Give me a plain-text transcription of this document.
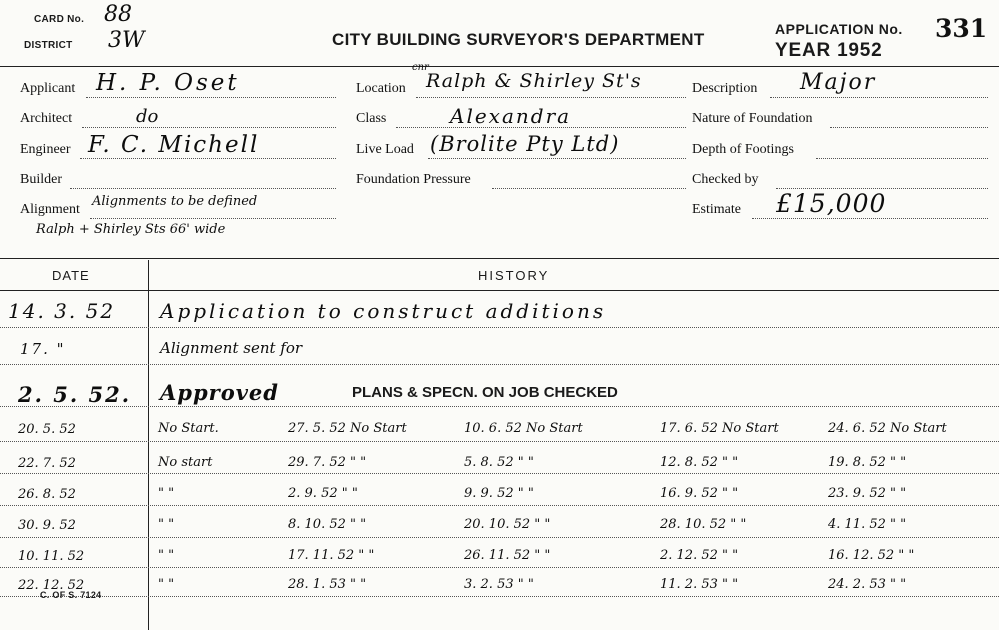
CARD No. 88
DISTRICT 3W	CITY BUILDING SURVEYOR'S DEPARTMENT
APPLICATION No. 331
YEAR 1952
Applicant H. P. Oset
Architect	do
Engineer F. C. Michell
Builder
Alignment
Alignments to be defined
Ralph + Shirley Sts 66' wide
Location
cnr
Ralph & Shirley St's
Class	Alexandra
Live Load (Brolite Pty Ltd)
Foundation Pressure
Description Major
Nature of Foundation
Depth of Footings
Checked by
Estimate £15,000
DATE	HISTORY
14. 3. 52 Application to construct additions
17. "	Alignment sent for
2. 5. 52. Approved	PLANS & SPECN. ON JOB CHECKED
20. 5. 52	No Start.	27. 5. 52 No Start	10. 6. 52 No Start	17. 6. 52 No Start	24. 6. 52 No Start
22. 7. 52	No start	29. 7. 52 " "	5. 8. 52 " "	12. 8. 52 " "	19. 8. 52 " "
26. 8. 52	" "	2. 9. 52 " "	9. 9. 52 " "	16. 9. 52 " "	23. 9. 52 " "
30. 9. 52	" "	8. 10. 52 " "	20. 10. 52 " "	28. 10. 52 " "	4. 11. 52 " "
10. 11. 52	" "	17. 11. 52 " "	26. 11. 52 " "	2. 12. 52 " "	16. 12. 52 " "
22. 12. 52	" "	28. 1. 53 " "	3. 2. 53 " "	11. 2. 53 " "	24. 2. 53 " "
C. OF S. 7124
